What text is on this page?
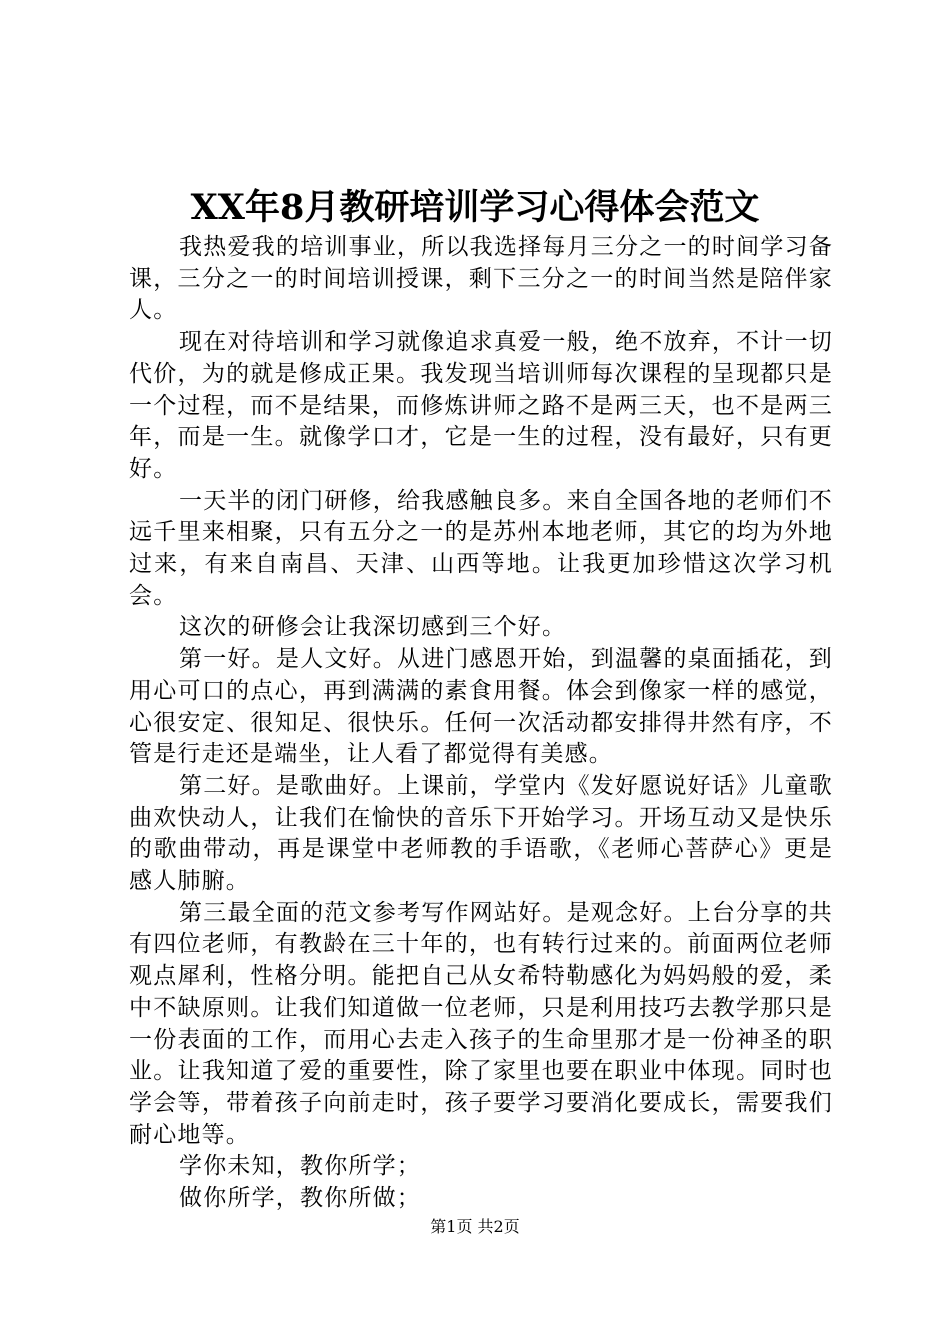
XX年8月教研培训学习心得体会范文

我热爱我的培训事业，所以我选择每月三分之一的时间学习备课，三分之一的时间培训授课，剩下三分之一的时间当然是陪伴家人。

现在对待培训和学习就像追求真爱一般，绝不放弃，不计一切代价，为的就是修成正果。我发现当培训师每次课程的呈现都只是一个过程，而不是结果，而修炼讲师之路不是两三天，也不是两三年，而是一生。就像学口才，它是一生的过程，没有最好，只有更好。

一天半的闭门研修，给我感触良多。来自全国各地的老师们不远千里来相聚，只有五分之一的是苏州本地老师，其它的均为外地过来，有来自南昌、天津、山西等地。让我更加珍惜这次学习机会。

这次的研修会让我深切感到三个好。

第一好。是人文好。从进门感恩开始，到温馨的桌面插花，到用心可口的点心，再到满满的素食用餐。体会到像家一样的感觉，心很安定、很知足、很快乐。任何一次活动都安排得井然有序，不管是行走还是端坐，让人看了都觉得有美感。

第二好。是歌曲好。上课前，学堂内《发好愿说好话》儿童歌曲欢快动人，让我们在愉快的音乐下开始学习。开场互动又是快乐的歌曲带动，再是课堂中老师教的手语歌，《老师心菩萨心》更是感人肺腑。

第三最全面的范文参考写作网站好。是观念好。上台分享的共有四位老师，有教龄在三十年的，也有转行过来的。前面两位老师观点犀利，性格分明。能把自己从女希特勒感化为妈妈般的爱，柔中不缺原则。让我们知道做一位老师，只是利用技巧去教学那只是一份表面的工作，而用心去走入孩子的生命里那才是一份神圣的职业。让我知道了爱的重要性，除了家里也要在职业中体现。同时也学会等，带着孩子向前走时，孩子要学习要消化要成长，需要我们耐心地等。

学你未知，教你所学；

做你所学，教你所做；

第1页 共2页
